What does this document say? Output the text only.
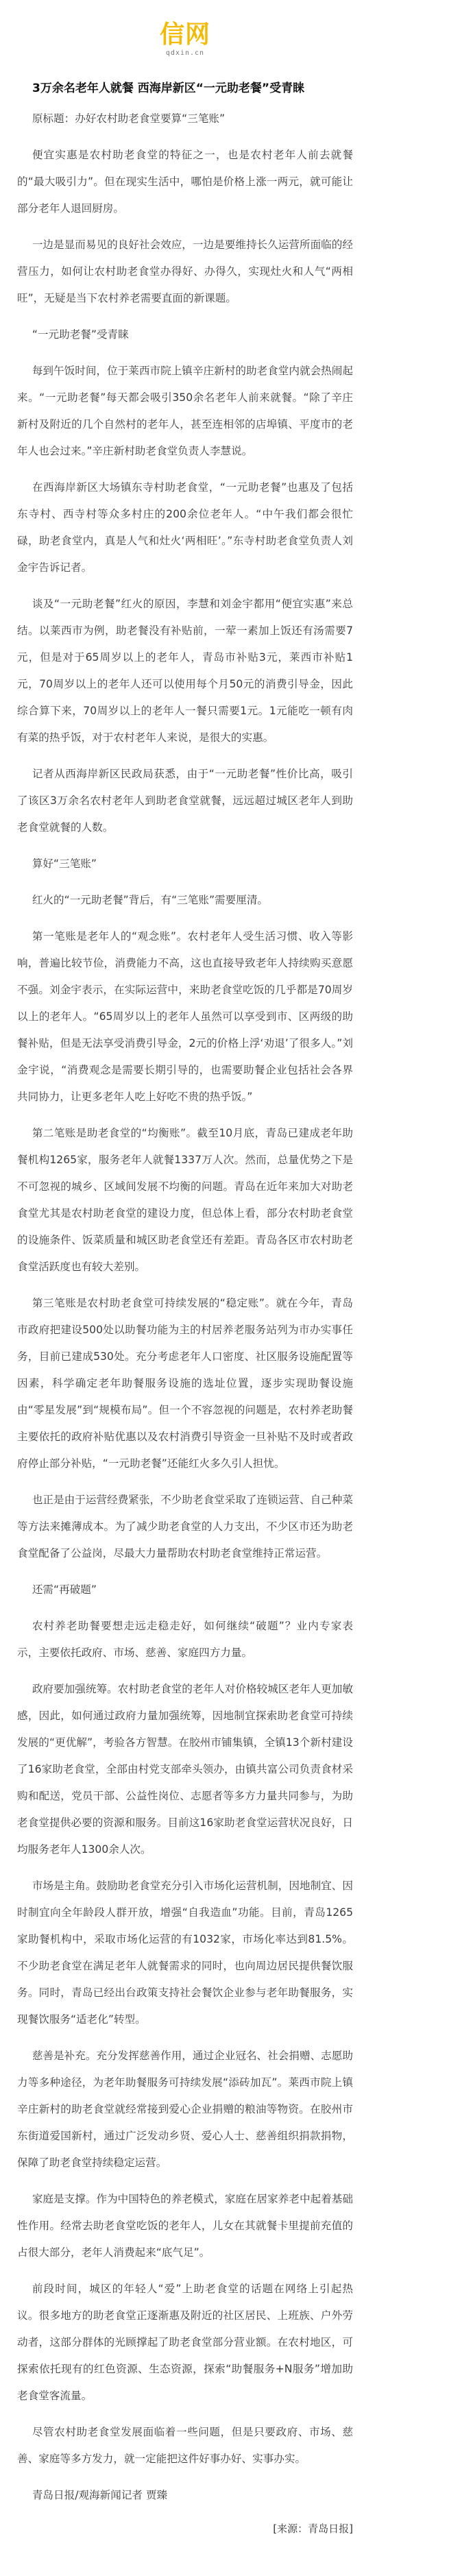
信网
qdxin.cn
3万余名老年人就餐 西海岸新区“一元助老餐”受青睐

原标题：办好农村助老食堂要算“三笔账”

便宜实惠是农村助老食堂的特征之一，也是农村老年人前去就餐的“最大吸引力”。但在现实生活中，哪怕是价格上涨一两元，就可能让部分老年人退回厨房。

一边是显而易见的良好社会效应，一边是要维持长久运营所面临的经营压力，如何让农村助老食堂办得好、办得久，实现灶火和人气“两相旺”，无疑是当下农村养老需要直面的新课题。

“一元助老餐”受青睐

每到午饭时间，位于莱西市院上镇辛庄新村的助老食堂内就会热闹起来。“一元助老餐”每天都会吸引350余名老年人前来就餐。“除了辛庄新村及附近的几个自然村的老年人，甚至连相邻的店埠镇、平度市的老年人也会过来。”辛庄新村助老食堂负责人李慧说。

在西海岸新区大场镇东寺村助老食堂，“一元助老餐”也惠及了包括东寺村、西寺村等众多村庄的200余位老年人。“中午我们都会很忙碌，助老食堂内，真是人气和灶火‘两相旺’。”东寺村助老食堂负责人刘金宇告诉记者。

谈及“一元助老餐”红火的原因，李慧和刘金宇都用“便宜实惠”来总结。以莱西市为例，助老餐没有补贴前，一荤一素加上饭还有汤需要7元，但是对于65周岁以上的老年人，青岛市补贴3元，莱西市补贴1元，70周岁以上的老年人还可以使用每个月50元的消费引导金，因此综合算下来，70周岁以上的老年人一餐只需要1元。1元能吃一顿有肉有菜的热乎饭，对于农村老年人来说，是很大的实惠。

记者从西海岸新区民政局获悉，由于“一元助老餐”性价比高，吸引了该区3万余名农村老年人到助老食堂就餐，远远超过城区老年人到助老食堂就餐的人数。

算好“三笔账”

红火的“一元助老餐”背后，有“三笔账”需要厘清。

第一笔账是老年人的“观念账”。农村老年人受生活习惯、收入等影响，普遍比较节俭，消费能力不高，这也直接导致老年人持续购买意愿不强。刘金宇表示，在实际运营中，来助老食堂吃饭的几乎都是70周岁以上的老年人。“65周岁以上的老年人虽然可以享受到市、区两级的助餐补贴，但是无法享受消费引导金，2元的价格上浮‘劝退’了很多人。”刘金宇说，“消费观念是需要长期引导的，也需要助餐企业包括社会各界共同协力，让更多老年人吃上好吃不贵的热乎饭。”

第二笔账是助老食堂的“均衡账”。截至10月底，青岛已建成老年助餐机构1265家，服务老年人就餐1337万人次。然而，总量优势之下是不可忽视的城乡、区域间发展不均衡的问题。青岛在近年来加大对助老食堂尤其是农村助老食堂的建设力度，但总体上看，部分农村助老食堂的设施条件、饭菜质量和城区助老食堂还有差距。青岛各区市农村助老食堂活跃度也有较大差别。

第三笔账是农村助老食堂可持续发展的“稳定账”。就在今年，青岛市政府把建设500处以助餐功能为主的村居养老服务站列为市办实事任务，目前已建成530处。充分考虑老年人口密度、社区服务设施配置等因素，科学确定老年助餐服务设施的选址位置，逐步实现助餐设施由“零星发展”到“规模布局”。但一个不容忽视的问题是，农村养老助餐主要依托的政府补贴优惠以及农村消费引导资金一旦补贴不及时或者政府停止部分补贴，“一元助老餐”还能红火多久引人担忧。

也正是由于运营经费紧张，不少助老食堂采取了连锁运营、自己种菜等方法来摊薄成本。为了减少助老食堂的人力支出，不少区市还为助老食堂配备了公益岗，尽最大力量帮助农村助老食堂维持正常运营。

还需“再破题”

农村养老助餐要想走远走稳走好，如何继续“破题”？业内专家表示，主要依托政府、市场、慈善、家庭四方力量。

政府要加强统筹。农村助老食堂的老年人对价格较城区老年人更加敏感，因此，如何通过政府力量加强统筹，因地制宜探索助老食堂可持续发展的“更优解”，考验各方智慧。在胶州市铺集镇，全镇13个新村建设了16家助老食堂，全部由村党支部牵头领办，由镇共富公司负责食材采购和配送，党员干部、公益性岗位、志愿者等多方力量共同参与，为助老食堂提供必要的资源和服务。目前这16家助老食堂运营状况良好，日均服务老年人1300余人次。

市场是主角。鼓励助老食堂充分引入市场化运营机制，因地制宜、因时制宜向全年龄段人群开放，增强“自我造血”功能。目前，青岛1265家助餐机构中，采取市场化运营的有1032家，市场化率达到81.5%。不少助老食堂在满足老年人就餐需求的同时，也向周边居民提供餐饮服务。同时，青岛已经出台政策支持社会餐饮企业参与老年助餐服务，实现餐饮服务“适老化”转型。

慈善是补充。充分发挥慈善作用，通过企业冠名、社会捐赠、志愿助力等多种途径，为老年助餐服务可持续发展“添砖加瓦”。莱西市院上镇辛庄新村的助老食堂就经常接到爱心企业捐赠的粮油等物资。在胶州市东街道爱国新村，通过广泛发动乡贤、爱心人士、慈善组织捐款捐物，保障了助老食堂持续稳定运营。

家庭是支撑。作为中国特色的养老模式，家庭在居家养老中起着基础性作用。经常去助老食堂吃饭的老年人，儿女在其就餐卡里提前充值的占很大部分，老年人消费起来“底气足”。

前段时间，城区的年轻人“爱”上助老食堂的话题在网络上引起热议。很多地方的助老食堂正逐渐惠及附近的社区居民、上班族、户外劳动者，这部分群体的光顾撑起了助老食堂部分营业额。在农村地区，可探索依托现有的红色资源、生态资源，探索“助餐服务+N服务”增加助老食堂客流量。

尽管农村助老食堂发展面临着一些问题，但是只要政府、市场、慈善、家庭等多方发力，就一定能把这件好事办好、实事办实。

青岛日报/观海新闻记者 贾臻

[来源：青岛日报]
